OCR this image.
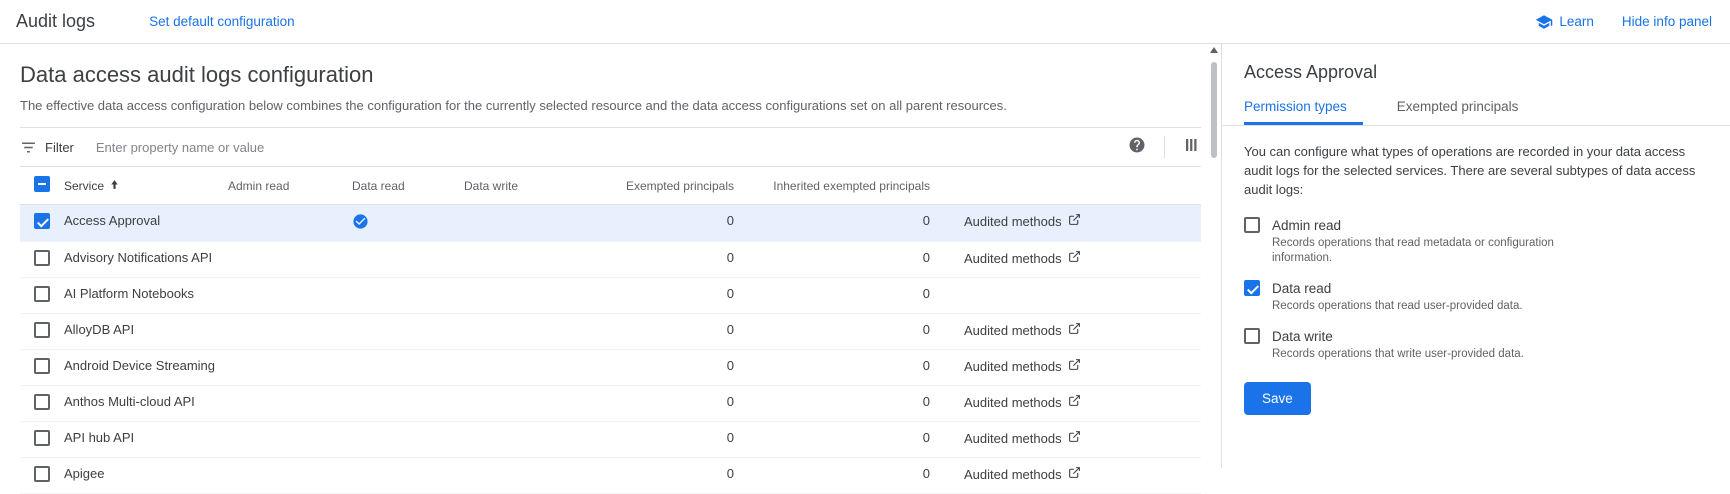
Audit logs	Set default configuration	Learn Hide info panel
Data access audit logs configuration

The effective data access configuration below combines the configuration for the currently selected resource and the data access configurations set on all parent resources.

Filter
Enter property name or value

	Service	Admin read	Data read	Data write	Exempted principals	Inherited exempted principals	
	Access Approval				0	0	Audited methods

	Advisory Notifications API				0	0	Audited methods

	AI Platform Notebooks				0	0	
	AlloyDB API				0	0	Audited methods

	Android Device Streaming				0	0	Audited methods

	Anthos Multi-cloud API				0	0	Audited methods

	API hub API				0	0	Audited methods

	Apigee				0	0	Audited methods
Access Approval
Permission types	Exempted principals

You can configure what types of operations are recorded in your data access audit logs for the selected services. There are several subtypes of data access audit logs:

Admin read
Records operations that read metadata or configuration information.
Data read
Records operations that read user-provided data.
Data write
Records operations that write user-provided data.
Save
